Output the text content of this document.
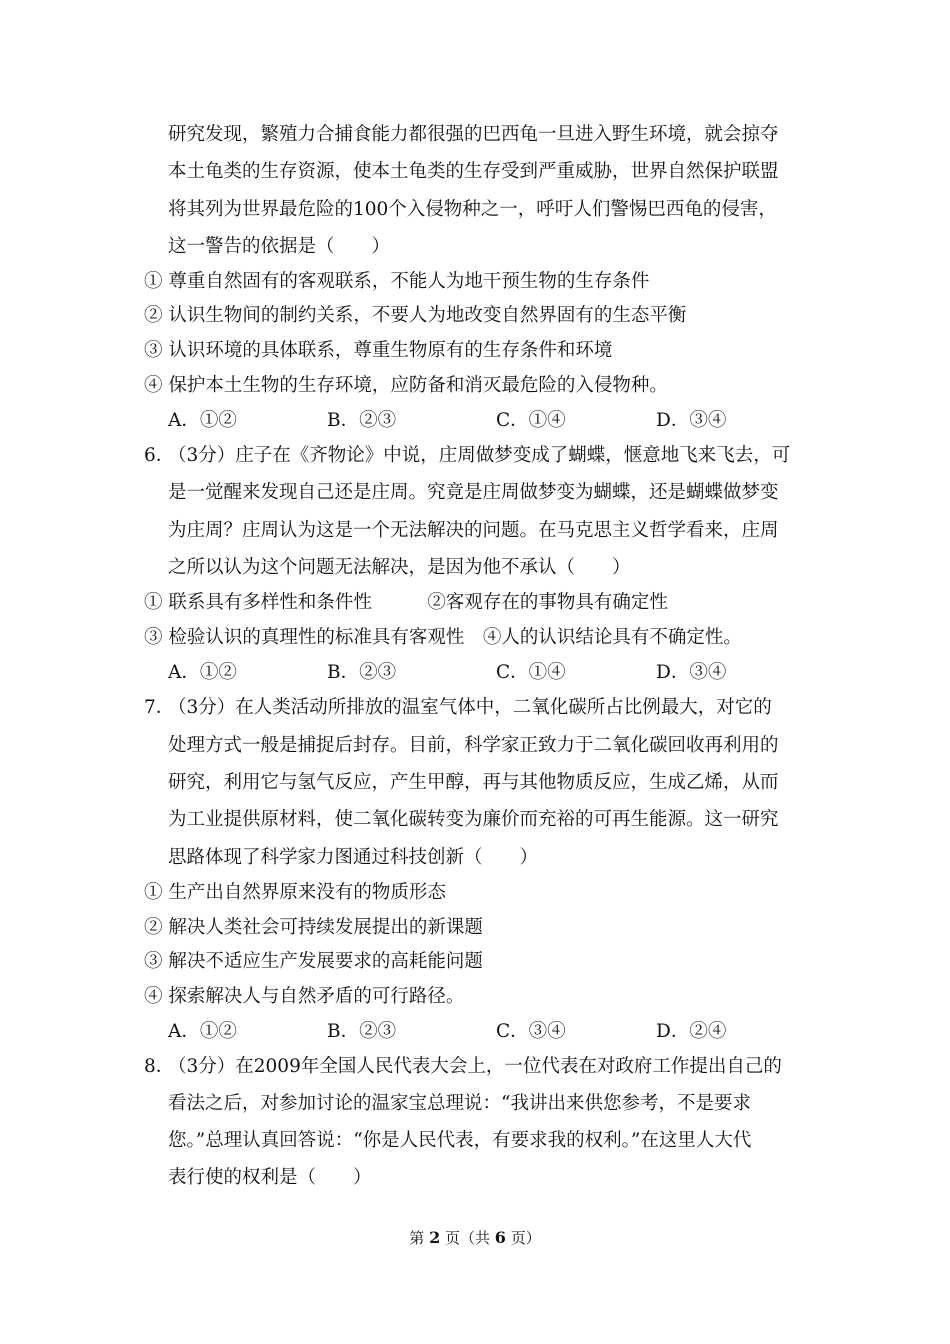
研究发现，繁殖力合捕食能力都很强的巴西龟一旦进入野生环境，就会掠夺
本土龟类的生存资源，使本土龟类的生存受到严重威胁，世界自然保护联盟
将其列为世界最危险的100个入侵物种之一，呼吁人们警惕巴西龟的侵害，
这一警告的依据是（　　）
① 尊重自然固有的客观联系，不能人为地干预生物的生存条件
② 认识生物间的制约关系，不要人为地改变自然界固有的生态平衡
③ 认识环境的具体联系，尊重生物原有的生存条件和环境
④ 保护本土生物的生存环境，应防备和消灭最危险的入侵物种。
A．①②	B．②③	C．①④	D．③④
6．
（3分）庄子在《齐物论》中说，庄周做梦变成了蝴蝶，惬意地飞来飞去，可
是一觉醒来发现自己还是庄周。究竟是庄周做梦变为蝴蝶，还是蝴蝶做梦变
为庄周？庄周认为这是一个无法解决的问题。在马克思主义哲学看来，庄周
之所以认为这个问题无法解决，是因为他不承认（　　）
① 联系具有多样性和条件性　　　②客观存在的事物具有确定性
③ 检验认识的真理性的标准具有客观性　④人的认识结论具有不确定性。
A．①②	B．②③	C．①④	D．③④
7．
（3分）在人类活动所排放的温室气体中，二氧化碳所占比例最大，对它的
处理方式一般是捕捉后封存。目前，科学家正致力于二氧化碳回收再利用的
研究，利用它与氢气反应，产生甲醇，再与其他物质反应，生成乙烯，从而
为工业提供原材料，使二氧化碳转变为廉价而充裕的可再生能源。这一研究
思路体现了科学家力图通过科技创新（　　）
① 生产出自然界原来没有的物质形态
② 解决人类社会可持续发展提出的新课题
③ 解决不适应生产发展要求的高耗能问题
④ 探索解决人与自然矛盾的可行路径。
A．①②	B．②③	C．③④	D．②④
8．
（3分）在2009年全国人民代表大会上，一位代表在对政府工作提出自己的
看法之后，对参加讨论的温家宝总理说：“我讲出来供您参考，不是要求
您。”总理认真回答说：“你是人民代表，有要求我的权利。”在这里人大代
表行使的权利是（　　）
第 2 页（共 6 页）
